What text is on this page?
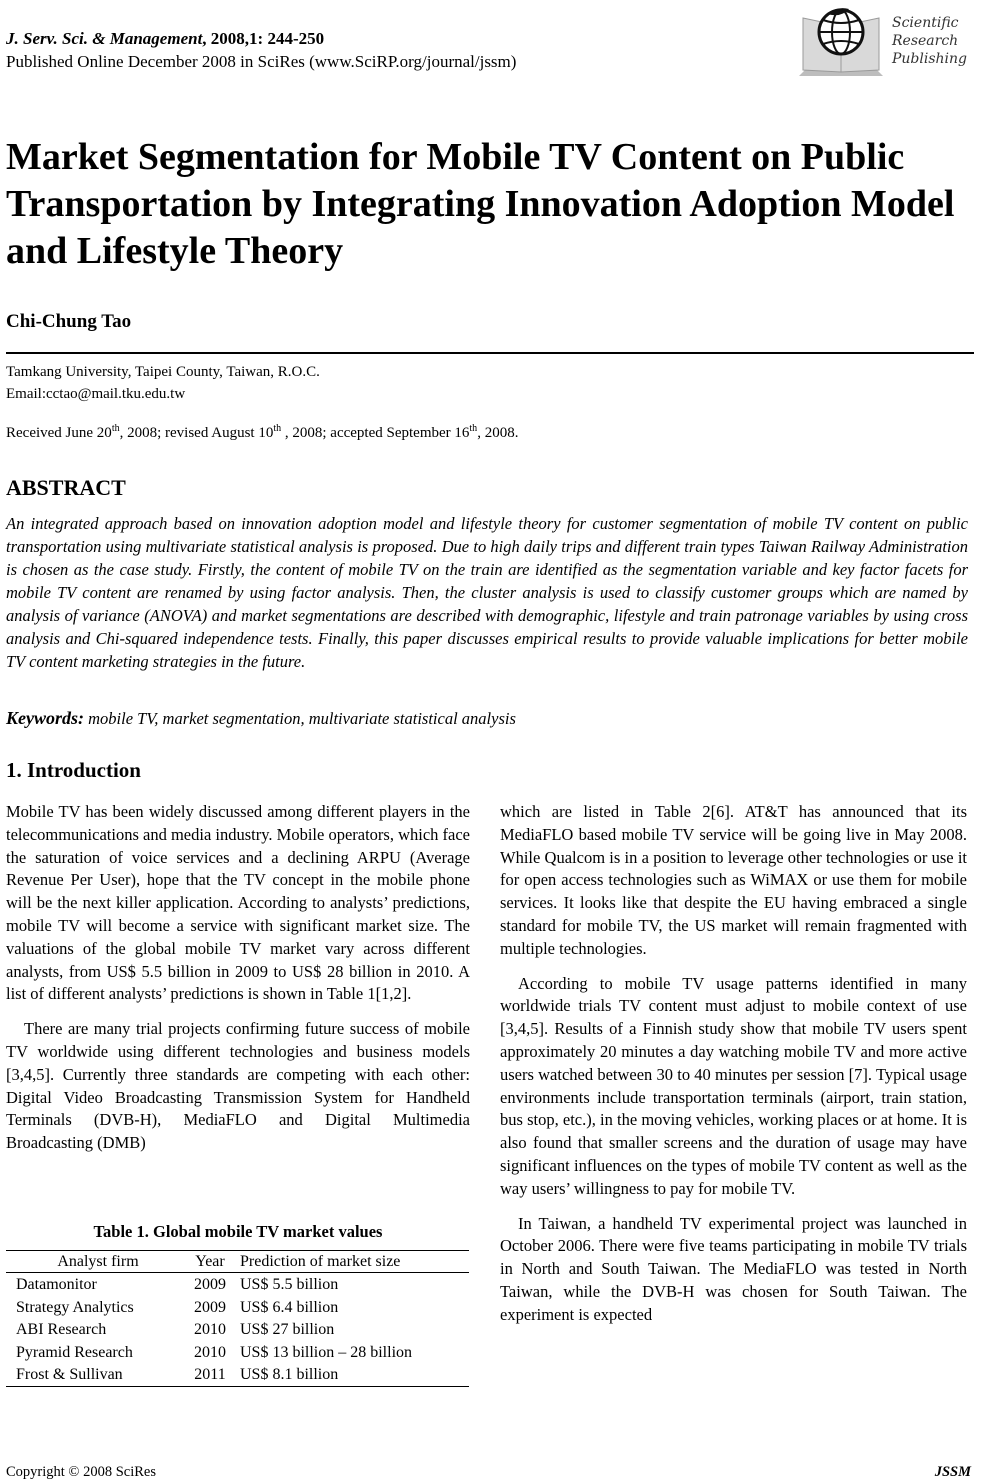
J. Serv. Sci. & Management, 2008,1: 244-250
Published Online December 2008 in SciRes (www.SciRP.org/journal/jssm)
Scientific
Research
Publishing
Market Segmentation for Mobile TV Content on Public Transportation by Integrating Innovation Adoption Model and Lifestyle Theory
Chi-Chung Tao
Tamkang University, Taipei County, Taiwan, R.O.C.
Email:cctao@mail.tku.edu.tw
Received June 20th, 2008; revised August 10th , 2008; accepted September 16th, 2008.
ABSTRACT

An integrated approach based on innovation adoption model and lifestyle theory for customer segmentation of mobile TV content on public transportation using multivariate statistical analysis is proposed. Due to high daily trips and different train types Taiwan Railway Administration is chosen as the case study. Firstly, the content of mobile TV on the train are identified as the segmentation variable and key factor facets for mobile TV content are renamed by using factor analysis. Then, the cluster analysis is used to classify customer groups which are named by analysis of variance (ANOVA) and market segmentations are described with demographic, lifestyle and train patronage variables by using cross analysis and Chi-squared independence tests. Finally, this paper discusses empirical results to provide valuable implications for better mobile TV content marketing strategies in the future.

Keywords: mobile TV, market segmentation, multivariate statistical analysis
1. Introduction

Mobile TV has been widely discussed among different players in the telecommunications and media industry. Mobile operators, which face the saturation of voice services and a declining ARPU (Average Revenue Per User), hope that the TV concept in the mobile phone will be the next killer application. According to analysts’ predictions, mobile TV will become a service with significant market size. The valuations of the global mobile TV market vary across different analysts, from US$ 5.5 billion in 2009 to US$ 28 billion in 2010. A list of different analysts’ predictions is shown in Table 1[1,2].

There are many trial projects confirming future success of mobile TV worldwide using different technologies and business models [3,4,5]. Currently three standards are competing with each other: Digital Video Broadcasting Transmission System for Handheld Terminals (DVB-H), MediaFLO and Digital Multimedia Broadcasting (DMB)

Table 1. Global mobile TV market values
Analyst firm	Year	Prediction of market size
Datamonitor	2009	US$ 5.5 billion
Strategy Analytics	2009	US$ 6.4 billion
ABI Research	2010	US$ 27 billion
Pyramid Research	2010	US$ 13 billion – 28 billion
Frost & Sullivan	2011	US$ 8.1 billion

which are listed in Table 2[6]. AT&T has announced that its MediaFLO based mobile TV service will be going live in May 2008. While Qualcom is in a position to leverage other technologies or use it for open access technologies such as WiMAX or use them for mobile services. It looks like that despite the EU having embraced a single standard for mobile TV, the US market will remain fragmented with multiple technologies.

According to mobile TV usage patterns identified in many worldwide trials TV content must adjust to mobile context of use [3,4,5]. Results of a Finnish study show that mobile TV users spent approximately 20 minutes a day watching mobile TV and more active users watched between 30 to 40 minutes per session [7]. Typical usage environments include transportation terminals (airport, train station, bus stop, etc.), in the moving vehicles, working places or at home. It is also found that smaller screens and the duration of usage may have significant influences on the types of mobile TV content as well as the way users’ willingness to pay for mobile TV.

In Taiwan, a handheld TV experimental project was launched in October 2006. There were five teams participating in mobile TV trials in North and South Taiwan. The MediaFLO was tested in North Taiwan, while the DVB-H was chosen for South Taiwan. The experiment is expected

Copyright © 2008 SciRes	JSSM
